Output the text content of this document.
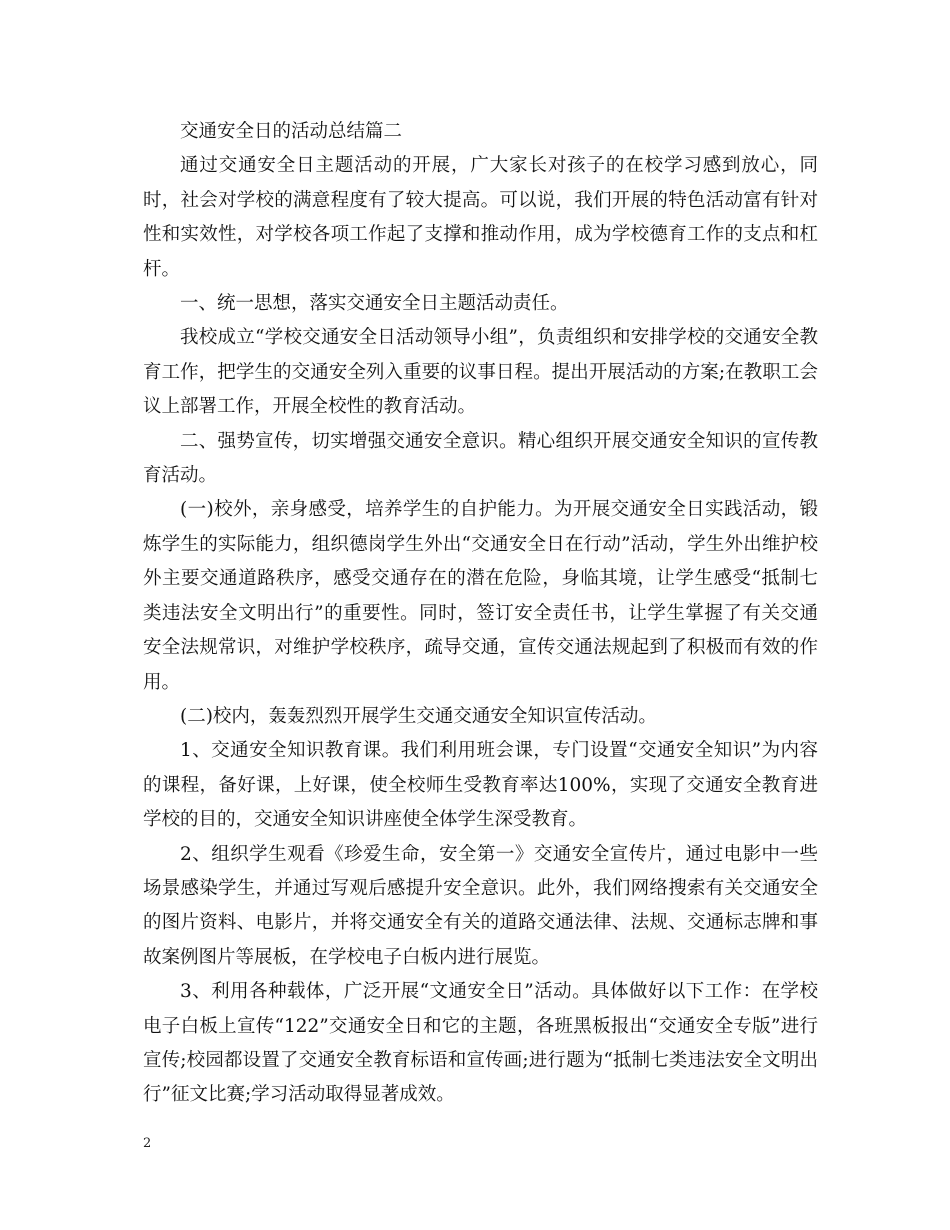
交通安全日的活动总结篇二

通过交通安全日主题活动的开展，广大家长对孩子的在校学习感到放心，同时，社会对学校的满意程度有了较大提高。可以说，我们开展的特色活动富有针对性和实效性，对学校各项工作起了支撑和推动作用，成为学校德育工作的支点和杠杆。

一、统一思想，落实交通安全日主题活动责任。

我校成立“学校交通安全日活动领导小组”，负责组织和安排学校的交通安全教育工作，把学生的交通安全列入重要的议事日程。提出开展活动的方案;在教职工会议上部署工作，开展全校性的教育活动。

二、强势宣传，切实增强交通安全意识。精心组织开展交通安全知识的宣传教育活动。

(一)校外，亲身感受，培养学生的自护能力。为开展交通安全日实践活动，锻炼学生的实际能力，组织德岗学生外出“交通安全日在行动”活动，学生外出维护校外主要交通道路秩序，感受交通存在的潜在危险，身临其境，让学生感受“抵制七类违法安全文明出行”的重要性。同时，签订安全责任书，让学生掌握了有关交通安全法规常识，对维护学校秩序，疏导交通，宣传交通法规起到了积极而有效的作用。

(二)校内，轰轰烈烈开展学生交通交通安全知识宣传活动。

1、交通安全知识教育课。我们利用班会课，专门设置“交通安全知识”为内容的课程，备好课，上好课，使全校师生受教育率达100%，实现了交通安全教育进学校的目的，交通安全知识讲座使全体学生深受教育。

2、组织学生观看《珍爱生命，安全第一》交通安全宣传片，通过电影中一些场景感染学生，并通过写观后感提升安全意识。此外，我们网络搜索有关交通安全的图片资料、电影片，并将交通安全有关的道路交通法律、法规、交通标志牌和事故案例图片等展板，在学校电子白板内进行展览。

3、利用各种载体，广泛开展“文通安全日”活动。具体做好以下工作：在学校电子白板上宣传“122”交通安全日和它的主题，各班黑板报出“交通安全专版”进行宣传;校园都设置了交通安全教育标语和宣传画;进行题为“抵制七类违法安全文明出行”征文比赛;学习活动取得显著成效。

2
